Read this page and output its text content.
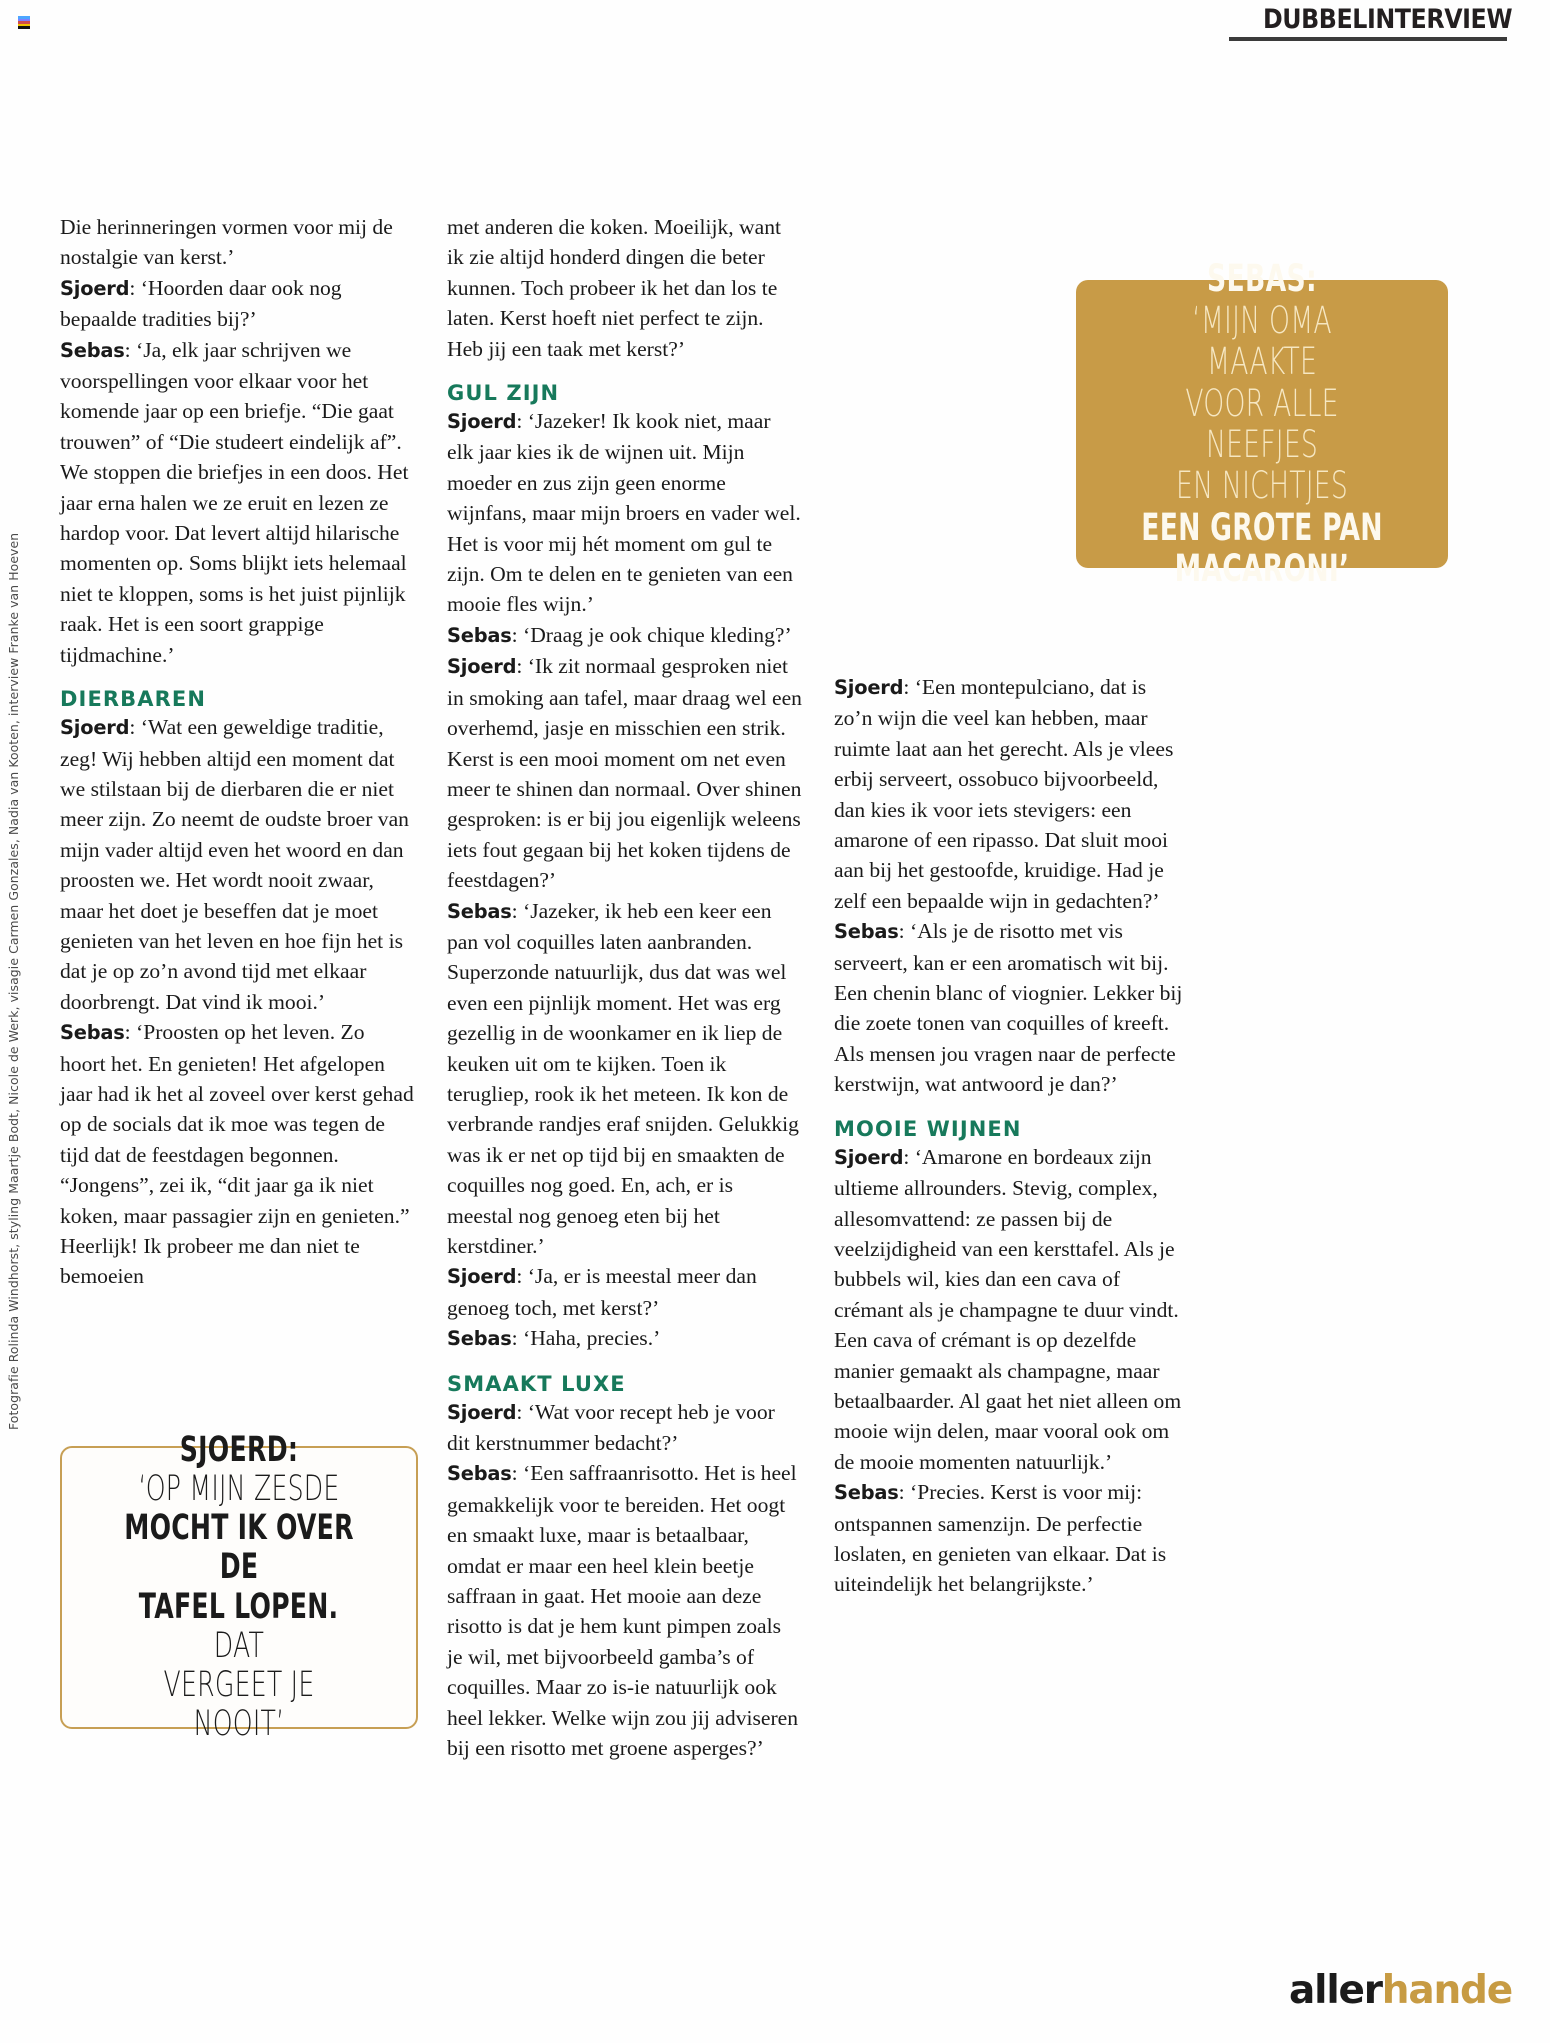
DUBBELINTERVIEW
Fotografie Rolinda Windhorst, styling Maartje Bodt, Nicole de Werk, visagie Carmen Gonzales, Nadia van Kooten, interview Franke van Hoeven

Die herinneringen vormen voor mij de nostalgie van kerst.’

Sjoerd: ‘Hoorden daar ook nog bepaalde tradities bij?’

Sebas: ‘Ja, elk jaar schrijven we voorspellingen voor elkaar voor het komende jaar op een briefje. “Die gaat trouwen” of “Die studeert eindelijk af”. We stoppen die briefjes in een doos. Het jaar erna halen we ze eruit en lezen ze hardop voor. Dat levert altijd hilarische momenten op. Soms blijkt iets helemaal niet te kloppen, soms is het juist pijnlijk raak. Het is een soort grappige tijdmachine.’

DIERBAREN

Sjoerd: ‘Wat een geweldige traditie, zeg! Wij hebben altijd een moment dat we stilstaan bij de dierbaren die er niet meer zijn. Zo neemt de oudste broer van mijn vader altijd even het woord en dan proosten we. Het wordt nooit zwaar, maar het doet je beseffen dat je moet genieten van het leven en hoe fijn het is dat je op zo’n avond tijd met elkaar doorbrengt. Dat vind ik mooi.’

Sebas: ‘Proosten op het leven. Zo hoort het. En genieten! Het afgelopen jaar had ik het al zoveel over kerst gehad op de socials dat ik moe was tegen de tijd dat de feestdagen begonnen. “Jongens”, zei ik, “dit jaar ga ik niet koken, maar passagier zijn en genieten.” Heerlijk! Ik probeer me dan niet te bemoeien

met anderen die koken. Moeilijk, want ik zie altijd honderd dingen die beter kunnen. Toch probeer ik het dan los te laten. Kerst hoeft niet perfect te zijn. Heb jij een taak met kerst?’

GUL ZIJN

Sjoerd: ‘Jazeker! Ik kook niet, maar elk jaar kies ik de wijnen uit. Mijn moeder en zus zijn geen enorme wijnfans, maar mijn broers en vader wel. Het is voor mij hét moment om gul te zijn. Om te delen en te genieten van een mooie fles wijn.’

Sebas: ‘Draag je ook chique kleding?’

Sjoerd: ‘Ik zit normaal gesproken niet in smoking aan tafel, maar draag wel een overhemd, jasje en misschien een strik. Kerst is een mooi moment om net even meer te shinen dan normaal. Over shinen gesproken: is er bij jou eigenlijk weleens iets fout gegaan bij het koken tijdens de feestdagen?’

Sebas: ‘Jazeker, ik heb een keer een pan vol coquilles laten aanbranden. Superzonde natuurlijk, dus dat was wel even een pijnlijk moment. Het was erg gezellig in de woonkamer en ik liep de keuken uit om te kijken. Toen ik terugliep, rook ik het meteen. Ik kon de verbrande randjes eraf snijden. Gelukkig was ik er net op tijd bij en smaakten de coquilles nog goed. En, ach, er is meestal nog genoeg eten bij het kerstdiner.’

Sjoerd: ‘Ja, er is meestal meer dan genoeg toch, met kerst?’

Sebas: ‘Haha, precies.’

SMAAKT LUXE

Sjoerd: ‘Wat voor recept heb je voor dit kerstnummer bedacht?’

Sebas: ‘Een saffraanrisotto. Het is heel gemakkelijk voor te bereiden. Het oogt en smaakt luxe, maar is betaalbaar, omdat er maar een heel klein beetje saffraan in gaat. Het mooie aan deze risotto is dat je hem kunt pimpen zoals je wil, met bijvoorbeeld gamba’s of coquilles. Maar zo is-ie natuurlijk ook heel lekker. Welke wijn zou jij adviseren bij een risotto met groene asperges?’

Sjoerd: ‘Een montepulciano, dat is zo’n wijn die veel kan hebben, maar ruimte laat aan het gerecht. Als je vlees erbij serveert, ossobuco bijvoorbeeld, dan kies ik voor iets stevigers: een amarone of een ripasso. Dat sluit mooi aan bij het gestoofde, kruidige. Had je zelf een bepaalde wijn in gedachten?’

Sebas: ‘Als je de risotto met vis serveert, kan er een aromatisch wit bij. Een chenin blanc of viognier. Lekker bij die zoete tonen van coquilles of kreeft. Als mensen jou vragen naar de perfecte kerstwijn, wat antwoord je dan?’

MOOIE WIJNEN

Sjoerd: ‘Amarone en bordeaux zijn ultieme allrounders. Stevig, complex, allesomvattend: ze passen bij de veelzijdigheid van een kersttafel. Als je bubbels wil, kies dan een cava of crémant als je champagne te duur vindt. Een cava of crémant is op dezelfde manier gemaakt als champagne, maar betaalbaarder. Al gaat het niet alleen om mooie wijn delen, maar vooral ook om de mooie momenten natuurlijk.’

Sebas: ‘Precies. Kerst is voor mij: ontspannen samenzijn. De perfectie loslaten, en genieten van elkaar. Dat is uiteindelijk het belangrijkste.’

SJOERD:
‘OP MIJN ZESDE
MOCHT IK OVER DE
TAFEL LOPEN.DAT
VERGEET JE NOOIT’
SEBAS:
‘MIJN OMA MAAKTE
VOOR ALLE NEEFJES
EN NICHTJES
EEN GROTE PAN
MACARONI’
allerhande
